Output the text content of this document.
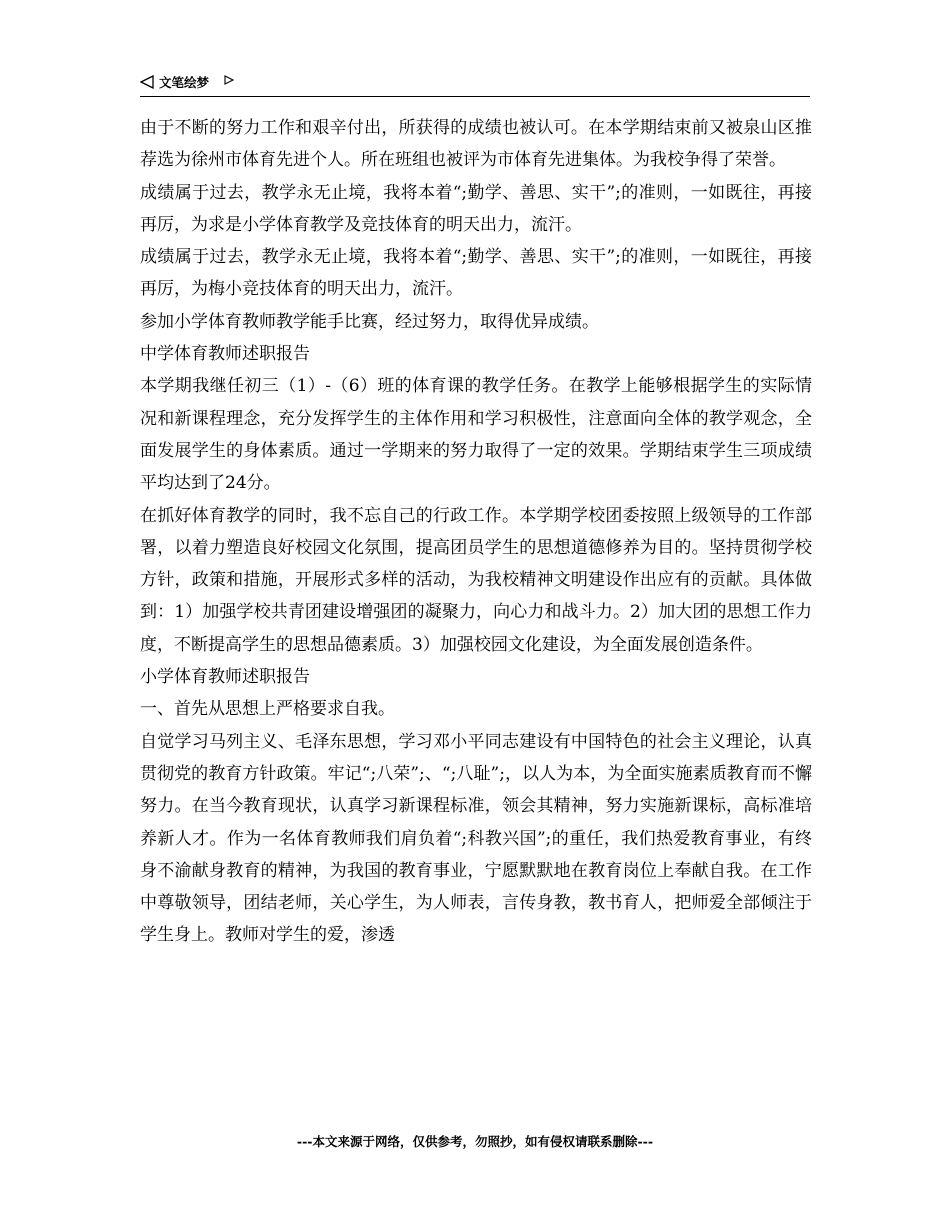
文笔绘梦

由于不断的努力工作和艰辛付出，所获得的成绩也被认可。在本学期结束前又被泉山区推荐选为徐州市体育先进个人。所在班组也被评为市体育先进集体。为我校争得了荣誉。

成绩属于过去，教学永无止境，我将本着“;勤学、善思、实干”;的准则，一如既往，再接再厉，为求是小学体育教学及竞技体育的明天出力，流汗。

成绩属于过去，教学永无止境，我将本着“;勤学、善思、实干”;的准则，一如既往，再接再厉，为梅小竞技体育的明天出力，流汗。

参加小学体育教师教学能手比赛，经过努力，取得优异成绩。

中学体育教师述职报告

本学期我继任初三（1）-（6）班的体育课的教学任务。在教学上能够根据学生的实际情况和新课程理念，充分发挥学生的主体作用和学习积极性，注意面向全体的教学观念，全面发展学生的身体素质。通过一学期来的努力取得了一定的效果。学期结束学生三项成绩平均达到了24分。

在抓好体育教学的同时，我不忘自己的行政工作。本学期学校团委按照上级领导的工作部署，以着力塑造良好校园文化氛围，提高团员学生的思想道德修养为目的。坚持贯彻学校方针，政策和措施，开展形式多样的活动，为我校精神文明建设作出应有的贡献。具体做到：1）加强学校共青团建设增强团的凝聚力，向心力和战斗力。2）加大团的思想工作力度，不断提高学生的思想品德素质。3）加强校园文化建设，为全面发展创造条件。

小学体育教师述职报告

一、首先从思想上严格要求自我。

自觉学习马列主义、毛泽东思想，学习邓小平同志建设有中国特色的社会主义理论，认真贯彻党的教育方针政策。牢记“;八荣”;、“;八耻”;，以人为本，为全面实施素质教育而不懈努力。在当今教育现状，认真学习新课程标准，领会其精神，努力实施新课标，高标准培养新人才。作为一名体育教师我们肩负着“;科教兴国”;的重任，我们热爱教育事业，有终身不渝献身教育的精神，为我国的教育事业，宁愿默默地在教育岗位上奉献自我。在工作中尊敬领导，团结老师，关心学生，为人师表，言传身教，教书育人，把师爱全部倾注于学生身上。教师对学生的爱，渗透

---本文来源于网络，仅供参考，勿照抄，如有侵权请联系删除---
